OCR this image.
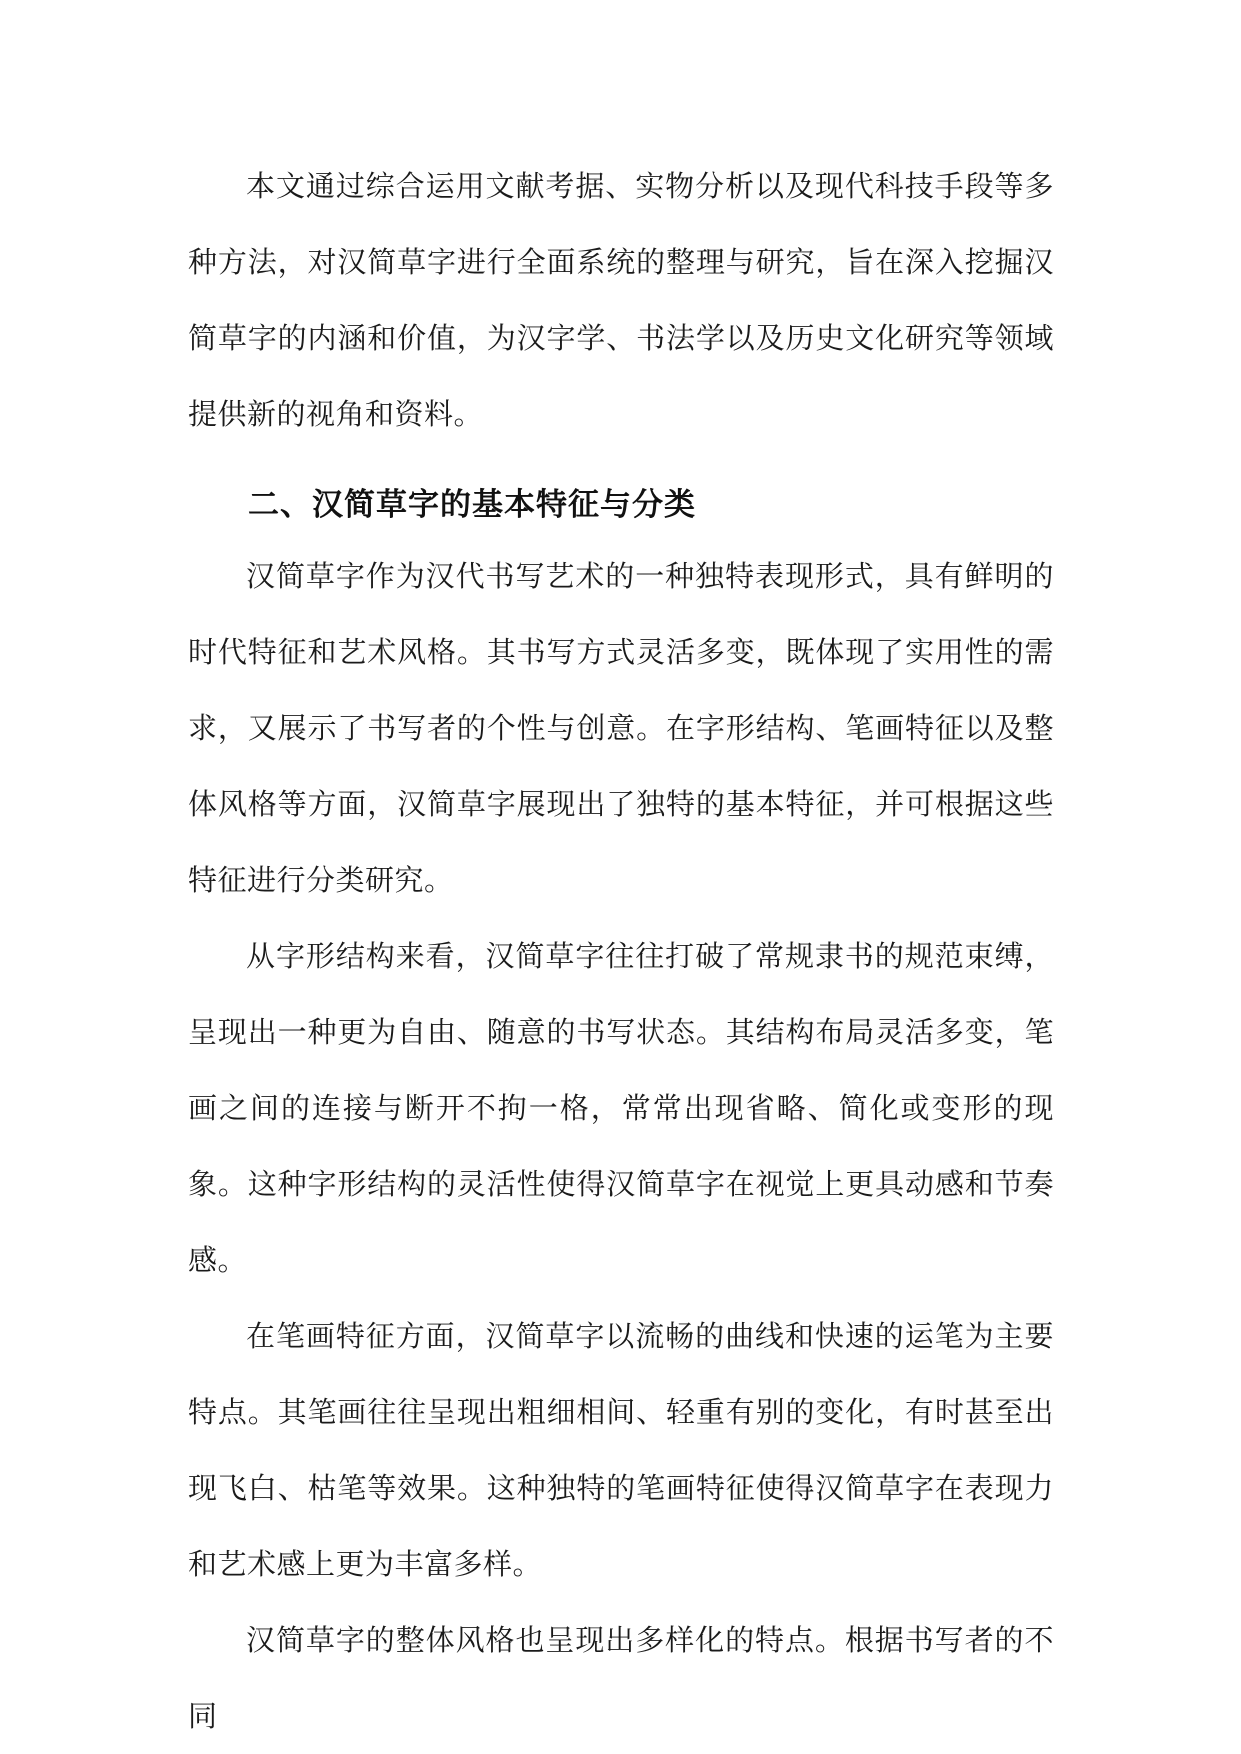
本文通过综合运用文献考据、实物分析以及现代科技手段等多种方法，对汉简草字进行全面系统的整理与研究，旨在深入挖掘汉简草字的内涵和价值，为汉字学、书法学以及历史文化研究等领域提供新的视角和资料。

二、汉简草字的基本特征与分类

汉简草字作为汉代书写艺术的一种独特表现形式，具有鲜明的时代特征和艺术风格。其书写方式灵活多变，既体现了实用性的需求，又展示了书写者的个性与创意。在字形结构、笔画特征以及整体风格等方面，汉简草字展现出了独特的基本特征，并可根据这些特征进行分类研究。

从字形结构来看，汉简草字往往打破了常规隶书的规范束缚，呈现出一种更为自由、随意的书写状态。其结构布局灵活多变，笔画之间的连接与断开不拘一格，常常出现省略、简化或变形的现象。这种字形结构的灵活性使得汉简草字在视觉上更具动感和节奏感。

在笔画特征方面，汉简草字以流畅的曲线和快速的运笔为主要特点。其笔画往往呈现出粗细相间、轻重有别的变化，有时甚至出现飞白、枯笔等效果。这种独特的笔画特征使得汉简草字在表现力和艺术感上更为丰富多样。

汉简草字的整体风格也呈现出多样化的特点。根据书写者的不同
